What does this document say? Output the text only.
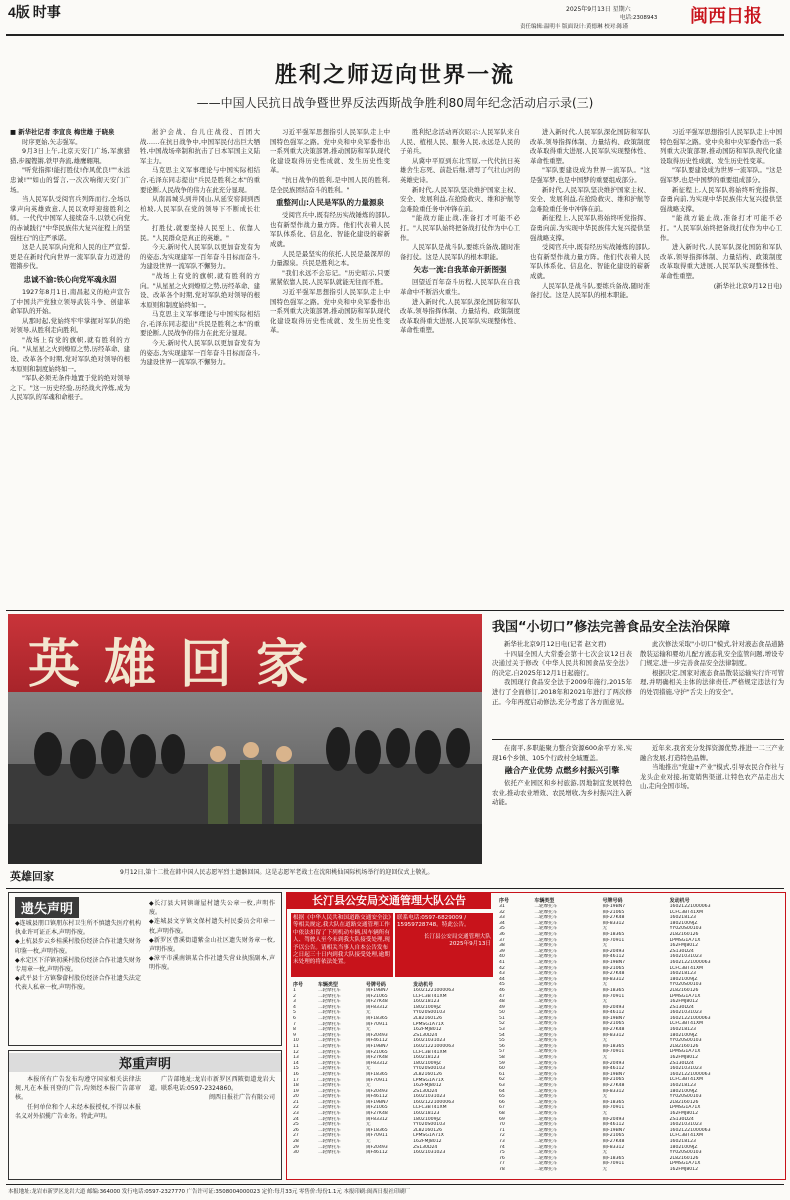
4版 时事	2025年9月13日 星期六
电话:2308943
责任编辑:温明丰 版面设计:黄德琳 校对:陈谨	闽西日报
胜利之师迈向世界一流
——中国人民抗日战争暨世界反法西斯战争胜利80周年纪念活动启示录(三)
■ 新华社记者 李宣良 梅世雄 于晓泉

时序更始,矢志强军。

9月3日上午,北京天安门广场,军旗猎猎,步履铿锵,铁甲奔流,雄鹰翱翔。

"听党指挥!能打胜仗!作风优良!""永远忠诚!""如山的誓言,一次次响彻天安门广场。

当人民军队受阅官兵列阵而行,全场以掌声向英雄致意,人民以欢呼迎接胜利之师。一代代中国军人接续奋斗,以铁心向党的赤诚践行"中华民族伟大复兴征程上的坚强柱石"的庄严承诺。

这是人民军队向党和人民的庄严宣誓,更是在新时代向世界一流军队奋力迈进的铿锵步伐。

忠诚不渝:铁心向党军魂永固

1927年8月1日,南昌起义的枪声宣告了中国共产党独立领导武装斗争、创建革命军队的开始。

从那时起,党始终牢牢掌握对军队的绝对领导,从胜利走向胜利。

"战场上有党的旗帜,就有胜利的方向。"从星星之火到燎原之势,历经革命、建设、改革各个时期,党对军队绝对领导的根本原则和制度始终如一。

"军队必须无条件地置于党的绝对领导之下。"这一历史经验,历经战火淬炼,成为人民军队的军魂和命根子。

淞沪会战、台儿庄战役、百团大战……在抗日战争中,中国军民付出巨大牺牲,中国战场牵制和抗击了日本军国主义陆军主力。

马克思主义军事理论与中国实际相结合,毛泽东同志提出"兵民是胜利之本"的重要论断,人民战争的伟力在此充分显现。

从南昌城头到井冈山,从延安窑洞到西柏坡,人民军队在党的领导下不断成长壮大。

打胜仗,就要坚持人民至上、依靠人民。"人民群众是真正的英雄。"

今天,新时代人民军队以更加奋发有为的姿态,为实现建军一百年奋斗目标而奋斗,为建设世界一流军队不懈努力。

"战场上有党的旗帜,就有胜利的方向。"从星星之火到燎原之势,历经革命、建设、改革各个时期,党对军队绝对领导的根本原则和制度始终如一。

马克思主义军事理论与中国实际相结合,毛泽东同志提出"兵民是胜利之本"的重要论断,人民战争的伟力在此充分显现。

今天,新时代人民军队以更加奋发有为的姿态,为实现建军一百年奋斗目标而奋斗,为建设世界一流军队不懈努力。

习近平强军思想指引人民军队走上中国特色强军之路。党中央和中央军委作出一系列重大决策部署,推动国防和军队现代化建设取得历史性成就、发生历史性变革。

"抗日战争的胜利,是中国人民的胜利,是全民族团结奋斗的胜利。"

重整河山:人民是军队的力量源泉

受阅官兵中,既有经历实战锤炼的部队,也有新型作战力量方阵。他们代表着人民军队体系化、信息化、智能化建设的崭新成就。

人民是最坚实的依托,人民是最深厚的力量源泉。兵民是胜利之本。

"我们永远不会忘记。"历史昭示,只要紧紧依靠人民,人民军队就能无往而不胜。

习近平强军思想指引人民军队走上中国特色强军之路。党中央和中央军委作出一系列重大决策部署,推动国防和军队现代化建设取得历史性成就、发生历史性变革。

胜利纪念活动再次昭示:人民军队来自人民、植根人民、服务人民,永远是人民的子弟兵。

从冀中平原到东北雪原,一代代抗日英雄舍生忘死、前赴后继,谱写了气壮山河的英雄史诗。

新时代,人民军队坚决维护国家主权、安全、发展利益,在抢险救灾、维和护航等急难险重任务中冲锋在前。

"能战方能止战,准备打才可能不必打。"人民军队始终把备战打仗作为中心工作。

人民军队是战斗队,要练兵备战,随时准备打仗。这是人民军队的根本职能。

矢志一流:自我革命开新图强

回望近百年奋斗历程,人民军队在自我革命中不断浴火重生。

进入新时代,人民军队深化国防和军队改革,领导指挥体制、力量结构、政策制度改革取得重大进展,人民军队实现整体性、革命性重塑。

进入新时代,人民军队深化国防和军队改革,领导指挥体制、力量结构、政策制度改革取得重大进展,人民军队实现整体性、革命性重塑。

"军队要建设成为世界一流军队。"这是强军梦,也是中国梦的重要组成部分。

新时代,人民军队坚决维护国家主权、安全、发展利益,在抢险救灾、维和护航等急难险重任务中冲锋在前。

新征程上,人民军队将始终听党指挥、奋勇向前,为实现中华民族伟大复兴提供坚强战略支撑。

受阅官兵中,既有经历实战锤炼的部队,也有新型作战力量方阵。他们代表着人民军队体系化、信息化、智能化建设的崭新成就。

人民军队是战斗队,要练兵备战,随时准备打仗。这是人民军队的根本职能。

习近平强军思想指引人民军队走上中国特色强军之路。党中央和中央军委作出一系列重大决策部署,推动国防和军队现代化建设取得历史性成就、发生历史性变革。

"军队要建设成为世界一流军队。"这是强军梦,也是中国梦的重要组成部分。

新征程上,人民军队将始终听党指挥、奋勇向前,为实现中华民族伟大复兴提供坚强战略支撑。

"能战方能止战,准备打才可能不必打。"人民军队始终把备战打仗作为中心工作。

进入新时代,人民军队深化国防和军队改革,领导指挥体制、力量结构、政策制度改革取得重大进展,人民军队实现整体性、革命性重塑。

(新华社北京9月12日电)

英雄回家
英雄回家	9月12日,第十二批在韩中国人民志愿军烈士遗骸回国。这是志愿军老战士在沈阳桃仙国际机场举行的迎回仪式上敬礼。
我国“小切口”修法完善食品安全法治保障

新华社北京9月12日电(记者 赵文君)

十四届全国人大常委会第十七次会议12日表决通过关于修改《中华人民共和国食品安全法》的决定,自2025年12月1日起施行。

我国现行食品安全法于2009年施行,2015年进行了全面修订,2018年和2021年进行了两次修正。今年再度启动修法,充分考虑了各方面意见。

此次修法采取"小切口"模式,针对液态食品道路散装运输和婴幼儿配方液态乳安全监管问题,增设专门规定,进一步完善食品安全法律制度。

根据决定,国家对液态食品散装运输实行许可管理,并明确相关主体的法律责任,严格规定违法行为的处罚措施,守护"舌尖上的安全"。

在南平,多职能聚力整合资源600余平方米,实现16个乡镇、105个行政村全域覆盖。

融合产业优势 点燃乡村振兴引擎

依托产业园区和乡村旅游,因地制宜发展特色农业,推动农业增效、农民增收,为乡村振兴注入新动能。

近年来,我省充分发挥资源优势,推进一二三产业融合发展,打造特色品牌。

当地推出"党建+产业"模式,引导农民合作社与龙头企业对接,拓宽销售渠道,让特色农产品走出大山,走向全国市场。

遗失声明

◆连城县朋口镇朋东村卫生所不慎遗失医疗机构执业许可证正本,声明作废。

◆上杭县步云乡桂溪村股份经济合作社遗失财务印鉴一枚,声明作废。

◆永定区下洋镇初溪村股份经济合作社遗失财务专用章一枚,声明作废。

◆武平县十方镇黎畲村股份经济合作社遗失法定代表人私章一枚,声明作废。

◆长汀县大同镇谢屋村遗失公章一枚,声明作废。

◆连城县文亨镇文保村遗失村民委员会印章一枚,声明作废。

◆新罗区曹溪街道紫金山社区遗失财务章一枚,声明作废。

◆漳平市溪南镇某合作社遗失营业执照副本,声明作废。

郑重声明

本报所有广告发布均遵守国家相关法律法规,凡在本报刊登的广告,均须经本报广告部审核。

任何单位和个人未经本报授权,不得以本报名义对外招揽广告业务。特此声明。

广告部地址:龙岩市新罗区西陂街道龙岩大道。联系电话:0597-2324860。

闽西日报社广告有限公司

长汀县公安局交通管理大队公告
根据《中华人民共和国道路交通安全法》等相关规定,我大队在道路交通管理工作中依法扣留了下列机动车辆,因车辆所有人、驾驶人至今未到我大队接受处理,现予以公告。请相关当事人自本公告发布之日起三十日内到我大队接受处理,逾期未处理的将依法处置。
联系电话:0597-6829009 / 15959728748。特此公告。
长汀县公安局交通管理大队
2025年9月13日
序号	车辆类型	号牌号码	发动机号
1	二轮摩托车	闽F19BN7	16021221000063
2	二轮摩托车	闽F21065	LCFC3BT41XM
3	二轮摩托车	闽F27K48	160218123
4	二轮摩托车	闽F83312	18021009JZ
5	二轮摩托车	无	YY020S00103
6	二轮摩托车	闽F18365	2L82160126
7	二轮摩托车	闽F70911	LPMSG1A71X
8	二轮摩托车	无	162FMJ8012
9	二轮摩托车	闽F20493	ZS130D24
10	二轮摩托车	闽F46112	16021031023
11	二轮摩托车	闽F19BN7	16021221000063
12	二轮摩托车	闽F21065	LCFC3BT41XM
13	二轮摩托车	闽F27K48	160218123
14	二轮摩托车	闽F83312	18021009JZ
15	二轮摩托车	无	YY020S00103
16	二轮摩托车	闽F18365	2L82160126
17	二轮摩托车	闽F70911	LPMSG1A71X
18	二轮摩托车	无	162FMJ8012
19	二轮摩托车	闽F20493	ZS130D24
20	二轮摩托车	闽F46112	16021031023
21	二轮摩托车	闽F19BN7	16021221000063
22	二轮摩托车	闽F21065	LCFC3BT41XM
23	二轮摩托车	闽F27K48	160218123
24	二轮摩托车	闽F83312	18021009JZ
25	二轮摩托车	无	YY020S00103
26	二轮摩托车	闽F18365	2L82160126
27	二轮摩托车	闽F70911	LPMSG1A71X
28	二轮摩托车	无	162FMJ8012
29	二轮摩托车	闽F20493	ZS130D24
30	二轮摩托车	闽F46112	16021031023
序号	车辆类型	号牌号码	发动机号
31	二轮摩托车	闽F19BN7	16021221000063
32	二轮摩托车	闽F21065	LCFC3BT41XM
33	二轮摩托车	闽F27K48	160218123
34	二轮摩托车	闽F83312	18021009JZ
35	二轮摩托车	无	YY020S00103
36	二轮摩托车	闽F18365	2L82160126
37	二轮摩托车	闽F70911	LPMSG1A71X
38	二轮摩托车	无	162FMJ8012
39	二轮摩托车	闽F20493	ZS130D24
40	二轮摩托车	闽F46112	16021031023
41	二轮摩托车	闽F19BN7	16021221000063
42	二轮摩托车	闽F21065	LCFC3BT41XM
43	二轮摩托车	闽F27K48	160218123
44	二轮摩托车	闽F83312	18021009JZ
45	二轮摩托车	无	YY020S00103
46	二轮摩托车	闽F18365	2L82160126
47	二轮摩托车	闽F70911	LPMSG1A71X
48	二轮摩托车	无	162FMJ8012
49	二轮摩托车	闽F20493	ZS130D24
50	二轮摩托车	闽F46112	16021031023
51	二轮摩托车	闽F19BN7	16021221000063
52	二轮摩托车	闽F21065	LCFC3BT41XM
53	二轮摩托车	闽F27K48	160218123
54	二轮摩托车	闽F83312	18021009JZ
55	二轮摩托车	无	YY020S00103
56	二轮摩托车	闽F18365	2L82160126
57	二轮摩托车	闽F70911	LPMSG1A71X
58	二轮摩托车	无	162FMJ8012
59	二轮摩托车	闽F20493	ZS130D24
60	二轮摩托车	闽F46112	16021031023
61	二轮摩托车	闽F19BN7	16021221000063
62	二轮摩托车	闽F21065	LCFC3BT41XM
63	二轮摩托车	闽F27K48	160218123
64	二轮摩托车	闽F83312	18021009JZ
65	二轮摩托车	无	YY020S00103
66	二轮摩托车	闽F18365	2L82160126
67	二轮摩托车	闽F70911	LPMSG1A71X
68	二轮摩托车	无	162FMJ8012
69	二轮摩托车	闽F20493	ZS130D24
70	二轮摩托车	闽F46112	16021031023
71	二轮摩托车	闽F19BN7	16021221000063
72	二轮摩托车	闽F21065	LCFC3BT41XM
73	二轮摩托车	闽F27K48	160218123
74	二轮摩托车	闽F83312	18021009JZ
75	二轮摩托车	无	YY020S00103
76	二轮摩托车	闽F18365	2L82160126
77	二轮摩托车	闽F70911	LPMSG1A71X
78	二轮摩托车	无	162FMJ8012
本报地址:龙岩市新罗区龙岩大道 邮编:364000 发行电话:0597-2327770 广告许可证:3508004000023 定价:每月33元 零售价:每份1.1元 本报印刷:闽西日报社印刷厂
